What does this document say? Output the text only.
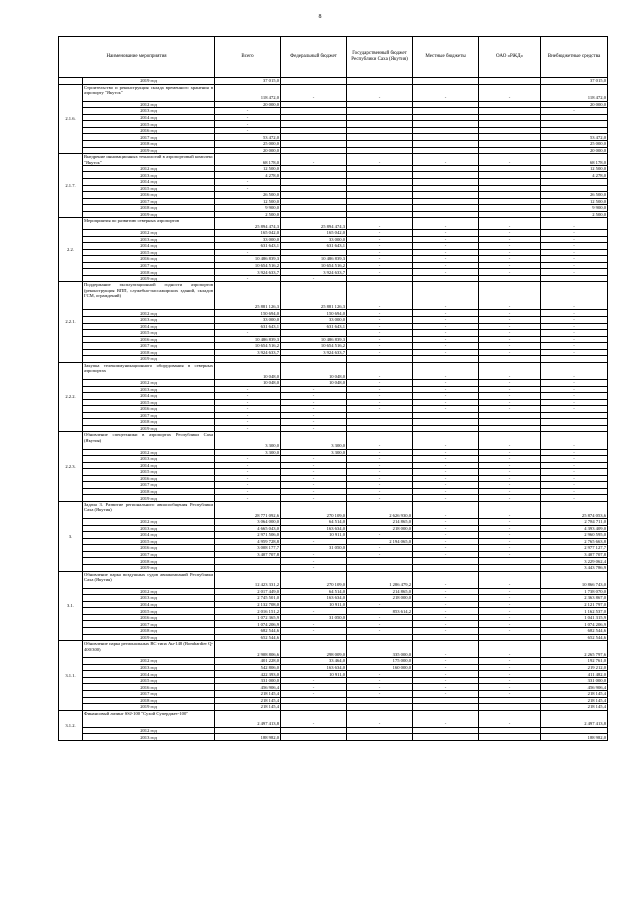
8
Наименование мероприятия		Всего	Федеральный бюджет	Государственный бюджет Республики Саха (Якутия)	Местные бюджеты	ОАО «РЖД»	Внебюджетные средства
	2019 год	37 015,0					37 015,0
2.1.6.	Строительство и реконструкция склада временного хранения в аэропорту "Якутск"	118 472,0	-	-	-	-	118 472,0
	2012 год	20 000,0					20 000,0
	2013 год	-					-
	2014 год	-					
	2015 год	-					
	2016 год	-					
	2017 год	53 472,0					53 472,0
	2018 год	25 000,0					25 000,0
	2019 год	20 000,0					20 000,0
2.1.7.	Внедрение инновационных технологий в аэропортовый комплекс "Якутск"	68 178,0	-	-	-	-	68 178,0
	2012 год	12 500,0					12 500,0
	2013 год	4 278,0					4 278,0
	2014 год	-					
	2015 год	-					
	2016 год	26 500,0					26 500,0
	2017 год	12 500,0					12 500,0
	2018 год	9 900,0					9 900,0
	2019 год	2 500,0					2 500,0
2.2.	Мероприятия по развитию северных аэропортов	25 894 474,3	25 894 474,3	-	-	-	-
	2012 год	165 042,0	165 042,0	-	-	-	-
	2013 год	33 000,0	33 000,0	-	-	-	-
	2014 год	631 643,1	631 643,1	-	-	-	-
	2015 год	-		-	-	-	-
	2016 год	10 486 839,3	10 486 839,3	-	-	-	-
	2017 год	10 654 516,2	10 654 516,2	-	-	-	-
	2018 год	3 924 633,7	3 924 633,7	-	-	-	-
	2019 год	-	-				
2.2.1.	Поддержание эксплуатационной годности аэропортов (реконструкция ВПП, служебно-пассажирских зданий, складов ГСМ, ограждений)	25 881 126,3	25 881 126,3	-	-	-	-
	2012 год	150 694,0	150 694,0	-	-	-	-
	2013 год	33 000,0	33 000,0	-	-	-	-
	2014 год	631 643,1	631 643,1	-	-	-	-
	2015 год	-		-	-	-	-
	2016 год	10 486 839,3	10 486 839,3	-	-	-	-
	2017 год	10 654 516,2	10 654 516,2	-	-	-	-
	2018 год	3 924 633,7	3 924 633,7	-	-	-	-
	2019 год						
2.2.2.	Закупка телекоммуникационного оборудования в северных аэропортах	10 048,0	10 048,0	-	-	-	-
	2012 год	10 048,0	10 048,0	-	-	-	-
	2013 год	-	-	-	-	-	-
	2014 год	-	-	-	-	-	-
	2015 год	-	-	-	-	-	-
	2016 год	-	-	-	-	-	-
	2017 год	-	-				
	2018 год	-	-				
	2019 год	-	-				
2.2.3.	Обновление спецтехники в аэропортах Республики Саха (Якутия)	3 300,0	3 300,0	-	-	-	-
	2012 год	3 300,0	3 300,0	-	-	-	-
	2013 год	-	-	-	-	-	-
	2014 год	-	-	-	-	-	-
	2015 год	-	-	-	-	-	-
	2016 год	-	-	-	-	-	-
	2017 год	-	-	-	-	-	-
	2018 год	-	-	-	-	-	-
	2019 год	-	-	-	-	-	-
3.	Задача 3. Развитие регионального авиасообщения Республики Саха (Якутия)	28 771 092,6	270 109,0	2 626 930,0	-	-	25 874 053,6
	2012 год	3 064 000,0	64 514,0	214 865,0	-	-	2 784 711,0
	2013 год	4 665 043,0	163 634,0	218 000,0	-	-	4 393 409,0
	2014 год	2 971 506,0	10 911,0	-	-	-	2 960 595,0
	2015 год	4 959 728,8	-	2 194 065,0	-	-	2 765 663,8
	2016 год	3 008 177,7	31 050,0	-	-	-	2 977 127,7
	2017 год	3 407 707,8	-	-	-	-	3 407 707,8
	2018 год		-				3 229 062,4
	2019 год		-				3 443 786,9
3.1.	Обновление парка воздушных судов авиакомпаний Республики Саха (Якутия)	12 423 331,2	270 109,0	1 286 479,2	-	-	10 866 743,0
	2012 год	2 017 449,0	64 514,0	214 865,0	-	-	1 738 070,0
	2013 год	2 745 501,0	163 634,0	218 000,0	-	-	2 363 867,0
	2014 год	2 132 708,0	10 911,0	-	-	-	2 121 797,0
	2015 год	2 016 151,2	-	853 614,2	-	-	1 162 537,0
	2016 год	1 072 365,9	31 050,0	-	-	-	1 041 315,9
	2017 год	1 074 206,9	-	-	-	-	1 074 206,9
	2018 год	682 544,6	-	-	-	-	682 544,6
	2019 год	652 544,6					652 544,6
3.1.1.	Обновление парка региональных ВС типа Ан-148 (Bombardier Q-400/300)	2 908 806,6	298 009,0	335 000,0	-	-	2 265 797,6
	2012 год	401 228,0	33 464,0	175 000,0	-	-	192 761,0
	2013 год	542 806,0	163 634,0	160 000,0	-	-	219 212,0
	2014 год	422 393,0	10 911,0	-	-	-	411 482,0
	2015 год	331 000,0	-	-	-	-	331 000,0
	2016 год	456 906,4	-	-	-	-	456 906,4
	2017 год	218 145,4	-	-	-	-	218 145,4
	2018 год	218 145,4					218 145,4
	2019 год	218 145,4					218 145,4
3.1.2.	Финансовый лизинг SSJ-100 "Сухой Суперджет-100"	2 497 413,8	-	-	-	-	2 497 413,8
	2012 год						
	2013 год	188 982,0					188 982,0
